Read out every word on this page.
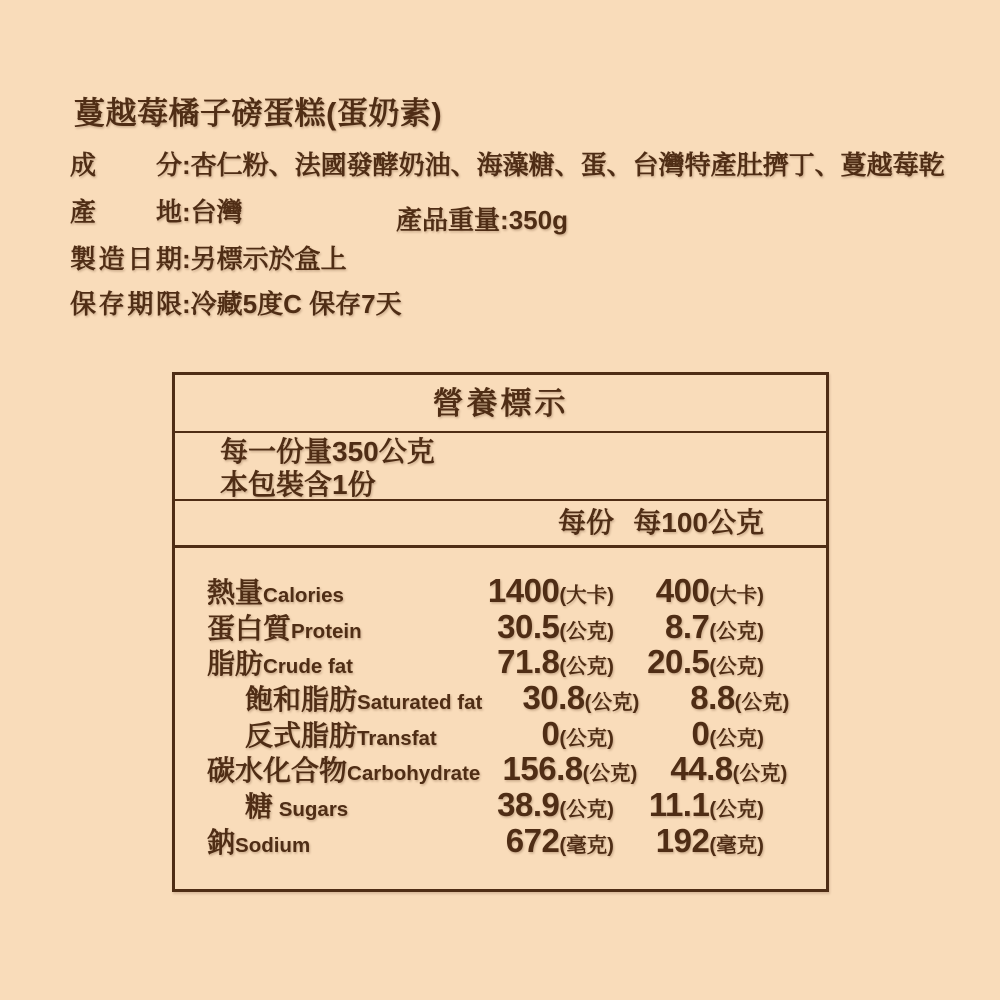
蔓越莓橘子磅蛋糕(蛋奶素)
成分:杏仁粉、法國發酵奶油、海藻糖、蛋、台灣特產肚擠丁、蔓越莓乾
產地:台灣	產品重量:350g
製造日期:另標示於盒上
保存期限:冷藏5度C 保存7天
營養標示
每一份量350公克
本包裝含1份
每份 每100公克
熱量Calories	1400(大卡)	400(大卡)
蛋白質Protein	30.5(公克)	8.7(公克)
脂肪Crude fat	71.8(公克)	20.5(公克)
飽和脂肪Saturated fat	30.8(公克)	8.8(公克)
反式脂肪Transfat	0(公克)	0(公克)
碳水化合物Carbohydrate 156.8(公克)	44.8(公克)
糖 Sugars	38.9(公克)	11.1(公克)
鈉Sodium	672(毫克)	192(毫克)
